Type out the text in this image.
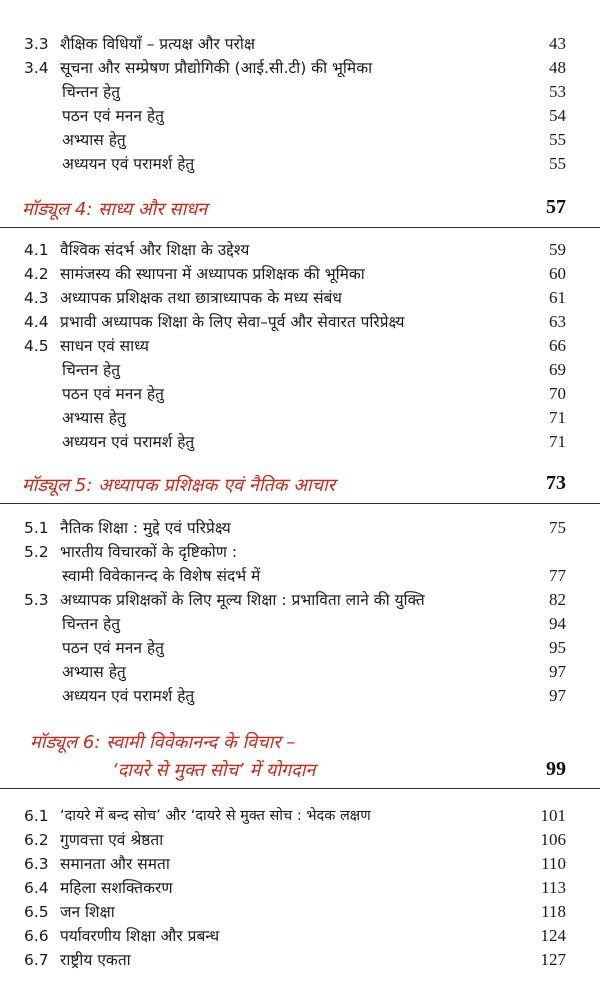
3.3 शैक्षिक विधियाँ – प्रत्यक्ष और परोक्ष	43
3.4 सूचना और सम्प्रेषण प्रौद्योगिकी (आई.सी.टी) की भूमिका	48
चिन्तन हेतु	53
पठन एवं मनन हेतु	54
अभ्यास हेतु	55
अध्ययन एवं परामर्श हेतु	55
मॉड्यूल 4: साध्य और साधन	57
4.1 वैश्विक संदर्भ और शिक्षा के उद्देश्य	59
4.2 सामंजस्य की स्थापना में अध्यापक प्रशिक्षक की भूमिका	60
4.3 अध्यापक प्रशिक्षक तथा छात्राध्यापक के मध्य संबंध	61
4.4 प्रभावी अध्यापक शिक्षा के लिए सेवा–पूर्व और सेवारत परिप्रेक्ष्य	63
4.5 साधन एवं साध्य	66
चिन्तन हेतु	69
पठन एवं मनन हेतु	70
अभ्यास हेतु	71
अध्ययन एवं परामर्श हेतु	71
मॉड्यूल 5: अध्यापक प्रशिक्षक एवं नैतिक आचार	73
5.1 नैतिक शिक्षा : मुद्दे एवं परिप्रेक्ष्य	75
5.2 भारतीय विचारकों के दृष्टिकोण :
स्वामी विवेकानन्द के विशेष संदर्भ में	77
5.3 अध्यापक प्रशिक्षकों के लिए मूल्य शिक्षा : प्रभाविता लाने की युक्ति	82
चिन्तन हेतु	94
पठन एवं मनन हेतु	95
अभ्यास हेतु	97
अध्ययन एवं परामर्श हेतु	97
मॉड्यूल 6: स्वामी विवेकानन्द के विचार –
‘दायरे से मुक्त सोच’ में योगदान	99
6.1 ‘दायरे में बन्द सोच’ और ‘दायरे से मुक्त सोच : भेदक लक्षण	101
6.2 गुणवत्ता एवं श्रेष्ठता	106
6.3 समानता और समता	110
6.4 महिला सशक्तिकरण	113
6.5 जन शिक्षा	118
6.6 पर्यावरणीय शिक्षा और प्रबन्ध	124
6.7 राष्ट्रीय एकता	127
